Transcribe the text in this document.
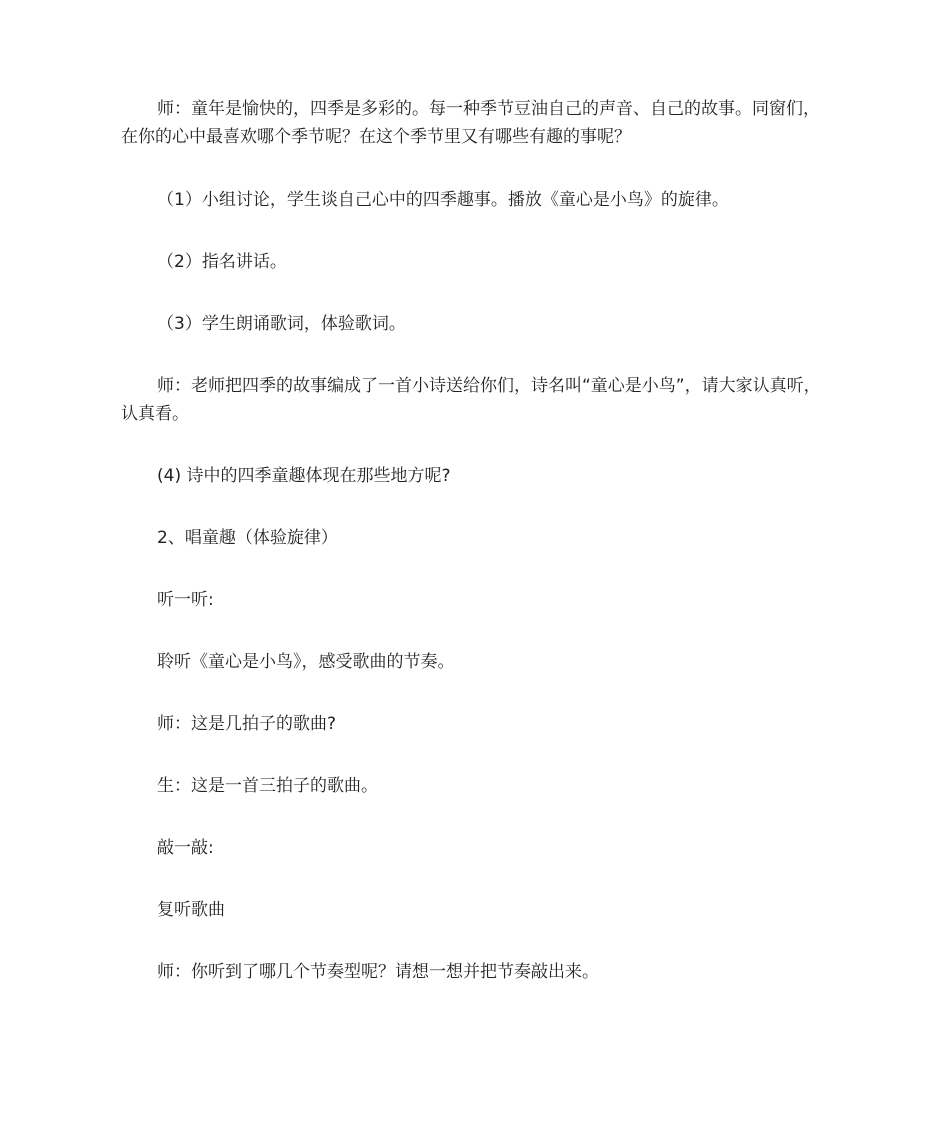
师：童年是愉快的，四季是多彩的。每一种季节豆油自己的声音、自己的故事。同窗们，在你的心中最喜欢哪个季节呢？在这个季节里又有哪些有趣的事呢？

（1）小组讨论，学生谈自己心中的四季趣事。播放《童心是小鸟》的旋律。

（2）指名讲话。

（3）学生朗诵歌词，体验歌词。

师：老师把四季的故事编成了一首小诗送给你们，诗名叫“童心是小鸟”，请大家认真听，认真看。

(4) 诗中的四季童趣体现在那些地方呢?

2、唱童趣（体验旋律）

听一听:

聆听《童心是小鸟》，感受歌曲的节奏。

师：这是几拍子的歌曲?

生：这是一首三拍子的歌曲。

敲一敲:

复听歌曲

师：你听到了哪几个节奏型呢？请想一想并把节奏敲出来。
